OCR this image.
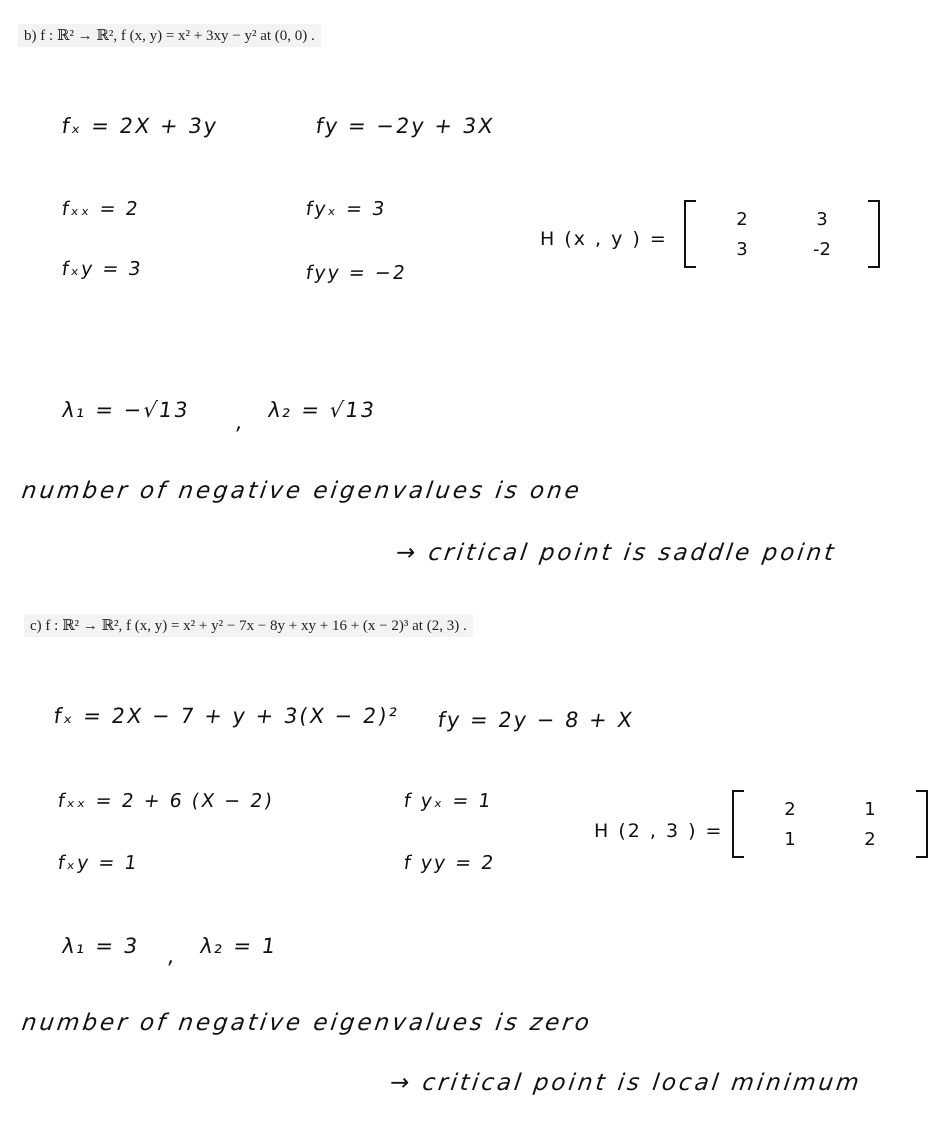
b) f : ℝ² → ℝ², f (x, y) = x² + 3xy − y² at (0, 0) .
fₓ = 2X + 3y	fy = −2y + 3X
fₓₓ = 2	fyₓ = 3
fₓy = 3	fyy = −2
H (x , y ) =
2	3
3	-2
λ₁ = −√13 , λ₂ = √13
number of negative eigenvalues is one
→ critical point is saddle point
c) f : ℝ² → ℝ², f (x, y) = x² + y² − 7x − 8y + xy + 16 + (x − 2)³ at (2, 3) .
fₓ = 2X − 7 + y + 3(X − 2)² fy = 2y − 8 + X
fₓₓ = 2 + 6 (X − 2)	f yₓ = 1
fₓy = 1	f yy = 2
H (2 , 3 ) =
2	1
1	2
λ₁ = 3 , λ₂ = 1
number of negative eigenvalues is zero
→ critical point is local minimum
